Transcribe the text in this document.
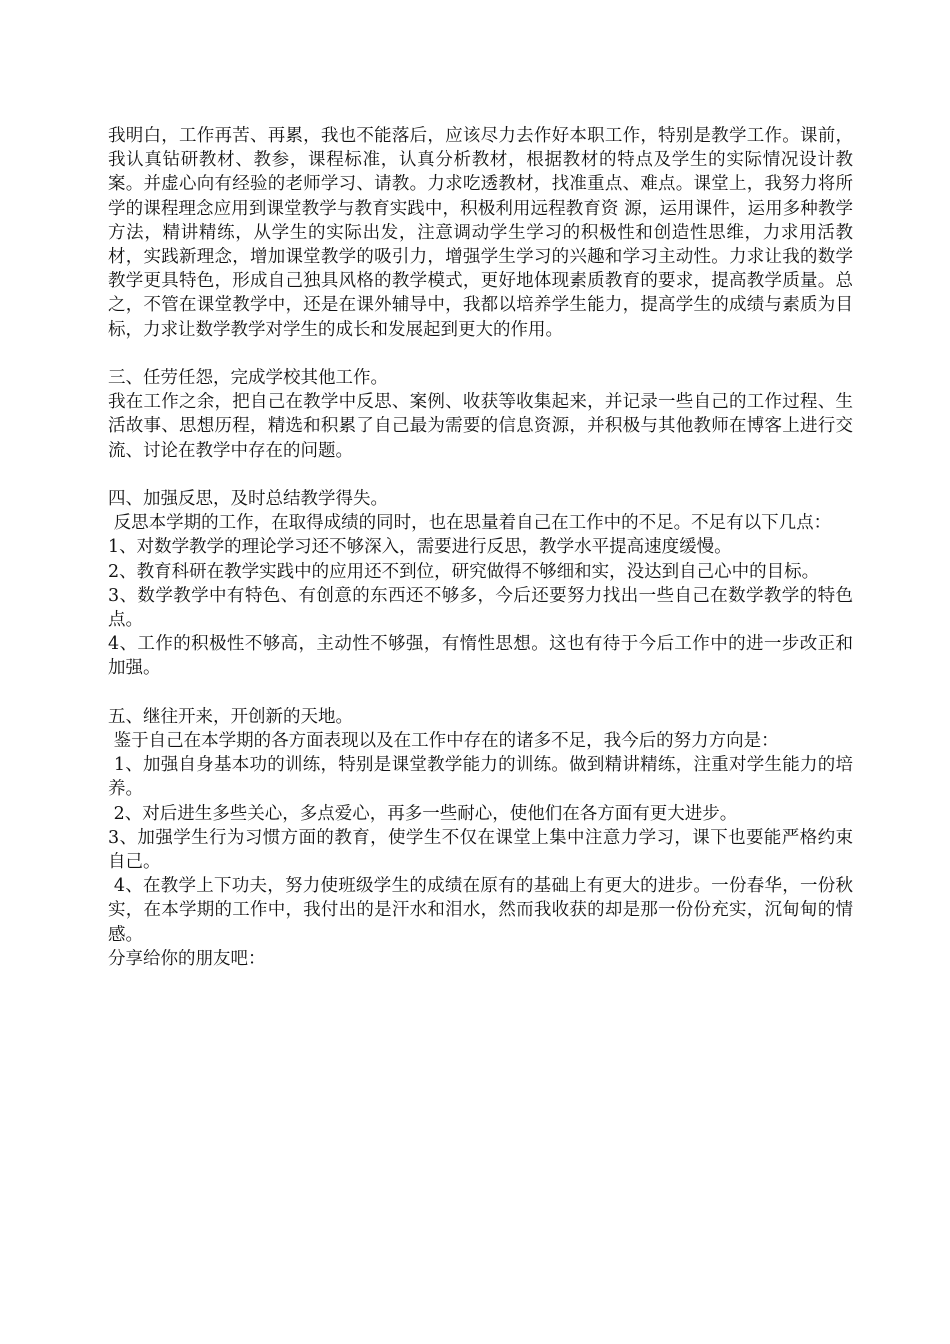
我明白，工作再苦、再累，我也不能落后，应该尽力去作好本职工作，特别是教学工作。课前，我认真钻研教材、教参，课程标准，认真分析教材，根据教材的特点及学生的实际情况设计教案。并虚心向有经验的老师学习、请教。力求吃透教材，找准重点、难点。课堂上，我努力将所学的课程理念应用到课堂教学与教育实践中，积极利用远程教育资 源，运用课件，运用多种教学方法，精讲精练，从学生的实际出发，注意调动学生学习的积极性和创造性思维，力求用活教材，实践新理念，增加课堂教学的吸引力，增强学生学习的兴趣和学习主动性。力求让我的数学教学更具特色，形成自己独具风格的教学模式，更好地体现素质教育的要求，提高教学质量。总之，不管在课堂教学中，还是在课外辅导中，我都以培养学生能力，提高学生的成绩与素质为目标，力求让数学教学对学生的成长和发展起到更大的作用。

三、任劳任怨，完成学校其他工作。

我在工作之余，把自己在教学中反思、案例、收获等收集起来，并记录一些自己的工作过程、生活故事、思想历程，精选和积累了自己最为需要的信息资源，并积极与其他教师在博客上进行交流、讨论在教学中存在的问题。

四、加强反思，及时总结教学得失。

反思本学期的工作，在取得成绩的同时，也在思量着自己在工作中的不足。不足有以下几点：

1、对数学教学的理论学习还不够深入，需要进行反思，教学水平提高速度缓慢。

2、教育科研在教学实践中的应用还不到位，研究做得不够细和实，没达到自己心中的目标。

3、数学教学中有特色、有创意的东西还不够多，今后还要努力找出一些自己在数学教学的特色点。

4、工作的积极性不够高，主动性不够强，有惰性思想。这也有待于今后工作中的进一步改正和加强。

五、继往开来，开创新的天地。

鉴于自己在本学期的各方面表现以及在工作中存在的诸多不足，我今后的努力方向是：

1、加强自身基本功的训练，特别是课堂教学能力的训练。做到精讲精练，注重对学生能力的培养。

2、对后进生多些关心，多点爱心，再多一些耐心，使他们在各方面有更大进步。

3、加强学生行为习惯方面的教育，使学生不仅在课堂上集中注意力学习，课下也要能严格约束自己。

4、在教学上下功夫，努力使班级学生的成绩在原有的基础上有更大的进步。一份春华，一份秋实，在本学期的工作中，我付出的是汗水和泪水，然而我收获的却是那一份份充实，沉甸甸的情感。

分享给你的朋友吧：
